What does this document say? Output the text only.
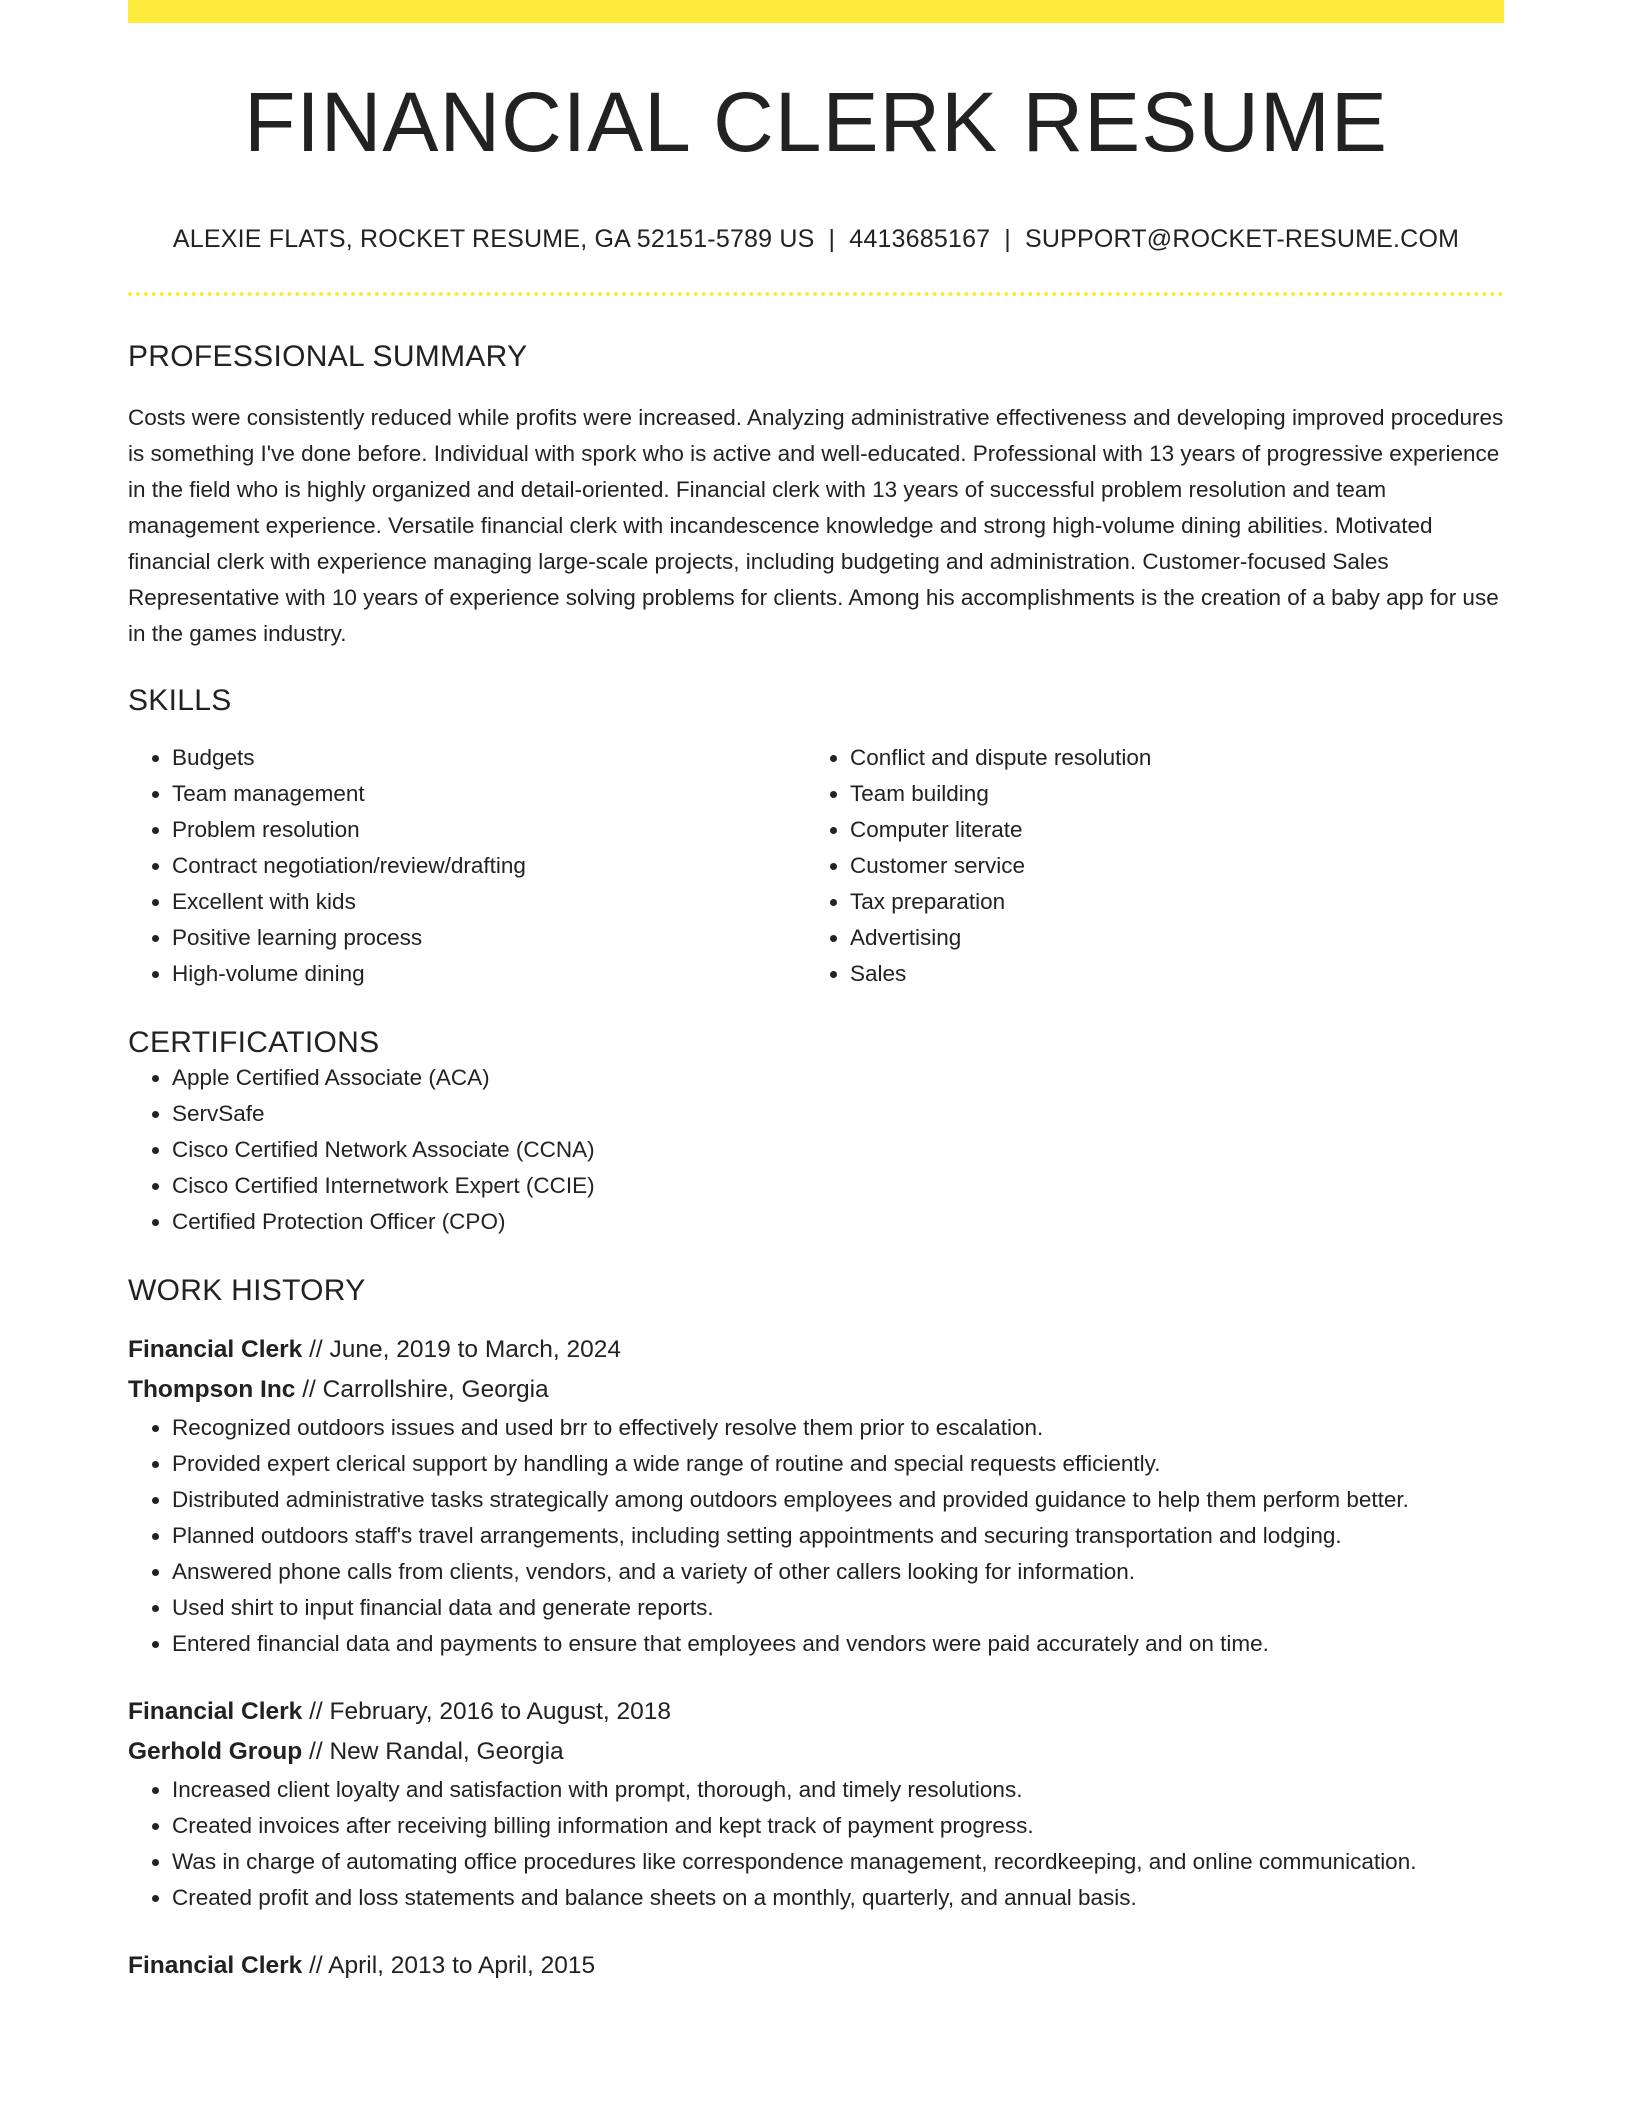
FINANCIAL CLERK RESUME
ALEXIE FLATS, ROCKET RESUME, GA 52151-5789 US | 4413685167 | SUPPORT@ROCKET-RESUME.COM
PROFESSIONAL SUMMARY
Costs were consistently reduced while profits were increased. Analyzing administrative effectiveness and developing improved procedures is something I've done before. Individual with spork who is active and well-educated. Professional with 13 years of progressive experience in the field who is highly organized and detail-oriented. Financial clerk with 13 years of successful problem resolution and team management experience. Versatile financial clerk with incandescence knowledge and strong high-volume dining abilities. Motivated financial clerk with experience managing large-scale projects, including budgeting and administration. Customer-focused Sales Representative with 10 years of experience solving problems for clients. Among his accomplishments is the creation of a baby app for use in the games industry.
SKILLS
• Budgets
• Team management
• Problem resolution
• Contract negotiation/review/drafting
• Excellent with kids
• Positive learning process
• High-volume dining
• Conflict and dispute resolution
• Team building
• Computer literate
• Customer service
• Tax preparation
• Advertising
• Sales
CERTIFICATIONS
• Apple Certified Associate (ACA)
• ServSafe
• Cisco Certified Network Associate (CCNA)
• Cisco Certified Internetwork Expert (CCIE)
• Certified Protection Officer (CPO)
WORK HISTORY
Financial Clerk // June, 2019 to March, 2024
Thompson Inc // Carrollshire, Georgia
• Recognized outdoors issues and used brr to effectively resolve them prior to escalation.
• Provided expert clerical support by handling a wide range of routine and special requests efficiently.
• Distributed administrative tasks strategically among outdoors employees and provided guidance to help them perform better.
• Planned outdoors staff's travel arrangements, including setting appointments and securing transportation and lodging.
• Answered phone calls from clients, vendors, and a variety of other callers looking for information.
• Used shirt to input financial data and generate reports.
• Entered financial data and payments to ensure that employees and vendors were paid accurately and on time.
Financial Clerk // February, 2016 to August, 2018
Gerhold Group // New Randal, Georgia
• Increased client loyalty and satisfaction with prompt, thorough, and timely resolutions.
• Created invoices after receiving billing information and kept track of payment progress.
• Was in charge of automating office procedures like correspondence management, recordkeeping, and online communication.
• Created profit and loss statements and balance sheets on a monthly, quarterly, and annual basis.
Financial Clerk // April, 2013 to April, 2015
